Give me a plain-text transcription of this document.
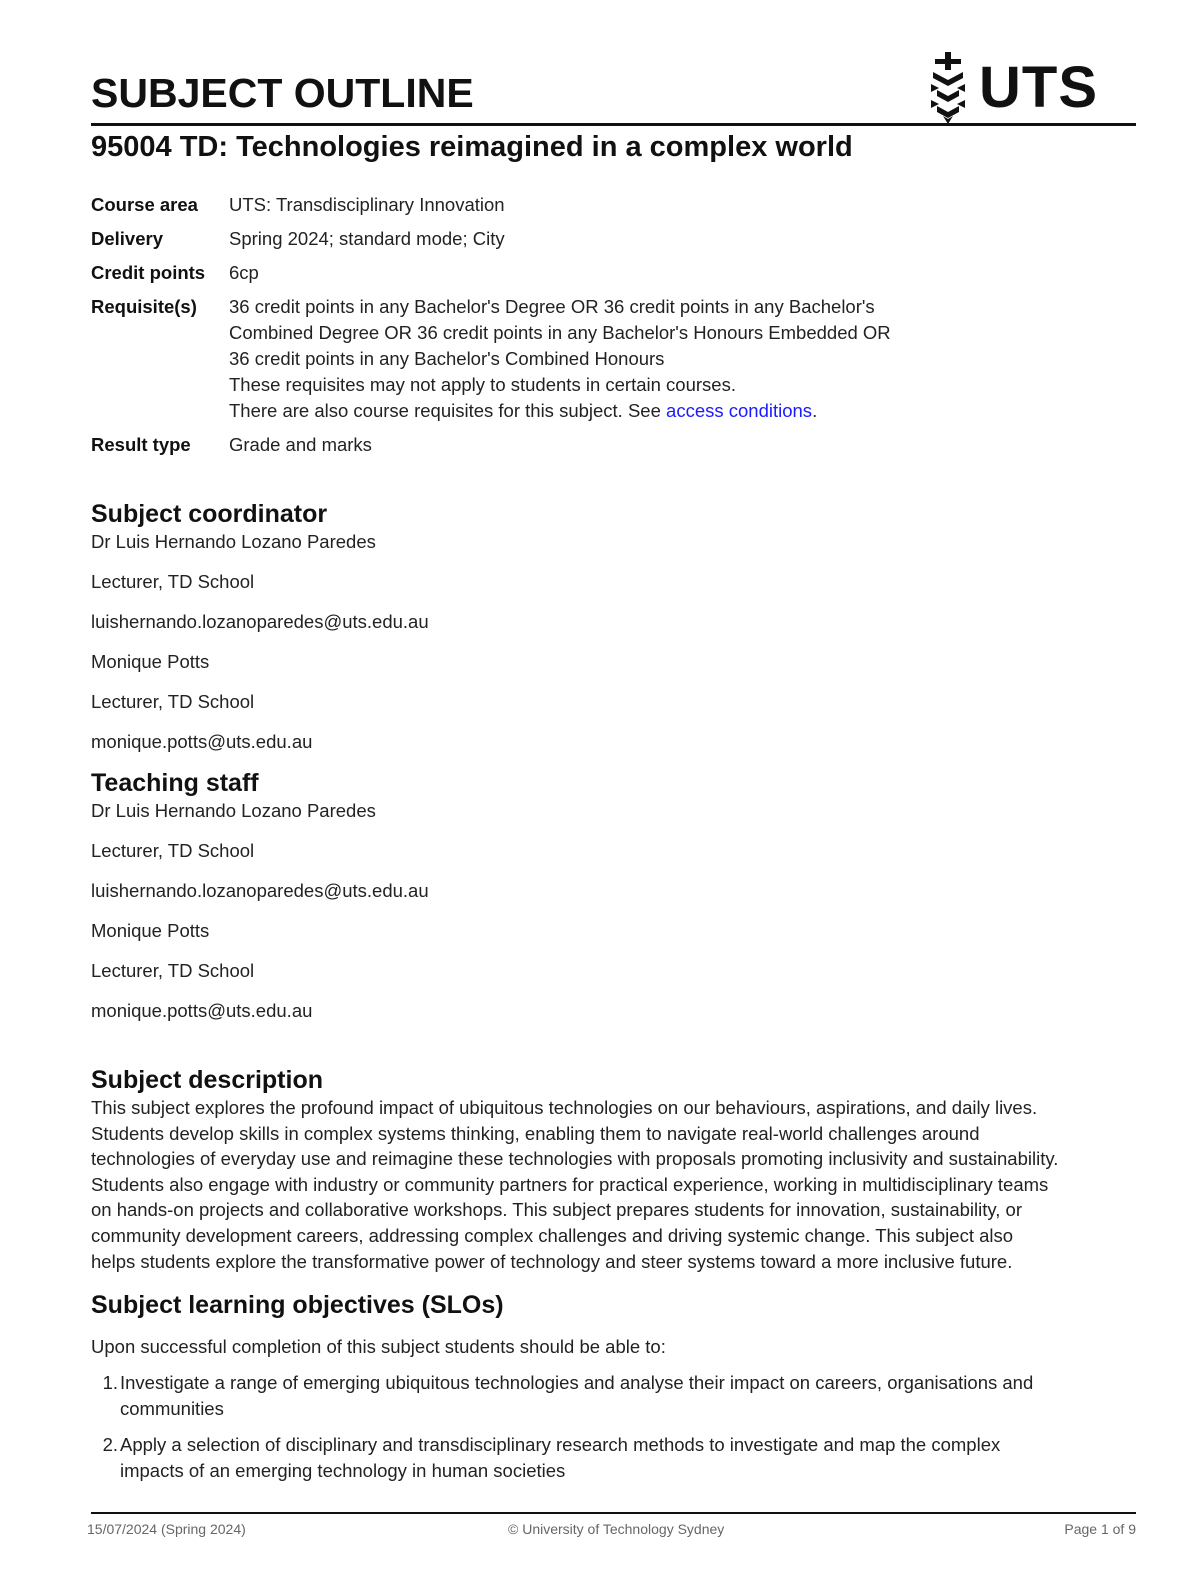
SUBJECT OUTLINE	UTS
95004 TD: Technologies reimagined in a complex world
Course area	UTS: Transdisciplinary Innovation
Delivery	Spring 2024; standard mode; City
Credit points	6cp
Requisite(s)	36 credit points in any Bachelor's Degree OR 36 credit points in any Bachelor's
Combined Degree OR 36 credit points in any Bachelor's Honours Embedded OR
36 credit points in any Bachelor's Combined Honours
These requisites may not apply to students in certain courses.
There are also course requisites for this subject. See access conditions.
Result type	Grade and marks
Subject coordinator
Dr Luis Hernando Lozano Paredes
Lecturer, TD School
luishernando.lozanoparedes@uts.edu.au
Monique Potts
Lecturer, TD School
monique.potts@uts.edu.au
Teaching staff
Dr Luis Hernando Lozano Paredes
Lecturer, TD School
luishernando.lozanoparedes@uts.edu.au
Monique Potts
Lecturer, TD School
monique.potts@uts.edu.au
Subject description
This subject explores the profound impact of ubiquitous technologies on our behaviours, aspirations, and daily lives.
Students develop skills in complex systems thinking, enabling them to navigate real-world challenges around
technologies of everyday use and reimagine these technologies with proposals promoting inclusivity and sustainability.
Students also engage with industry or community partners for practical experience, working in multidisciplinary teams
on hands-on projects and collaborative workshops. This subject prepares students for innovation, sustainability, or
community development careers, addressing complex challenges and driving systemic change. This subject also
helps students explore the transformative power of technology and steer systems toward a more inclusive future.
Subject learning objectives (SLOs)
Upon successful completion of this subject students should be able to:
1. Investigate a range of emerging ubiquitous technologies and analyse their impact on careers, organisations and
communities
2. Apply a selection of disciplinary and transdisciplinary research methods to investigate and map the complex
impacts of an emerging technology in human societies
15/07/2024 (Spring 2024)	© University of Technology Sydney	Page 1 of 9
